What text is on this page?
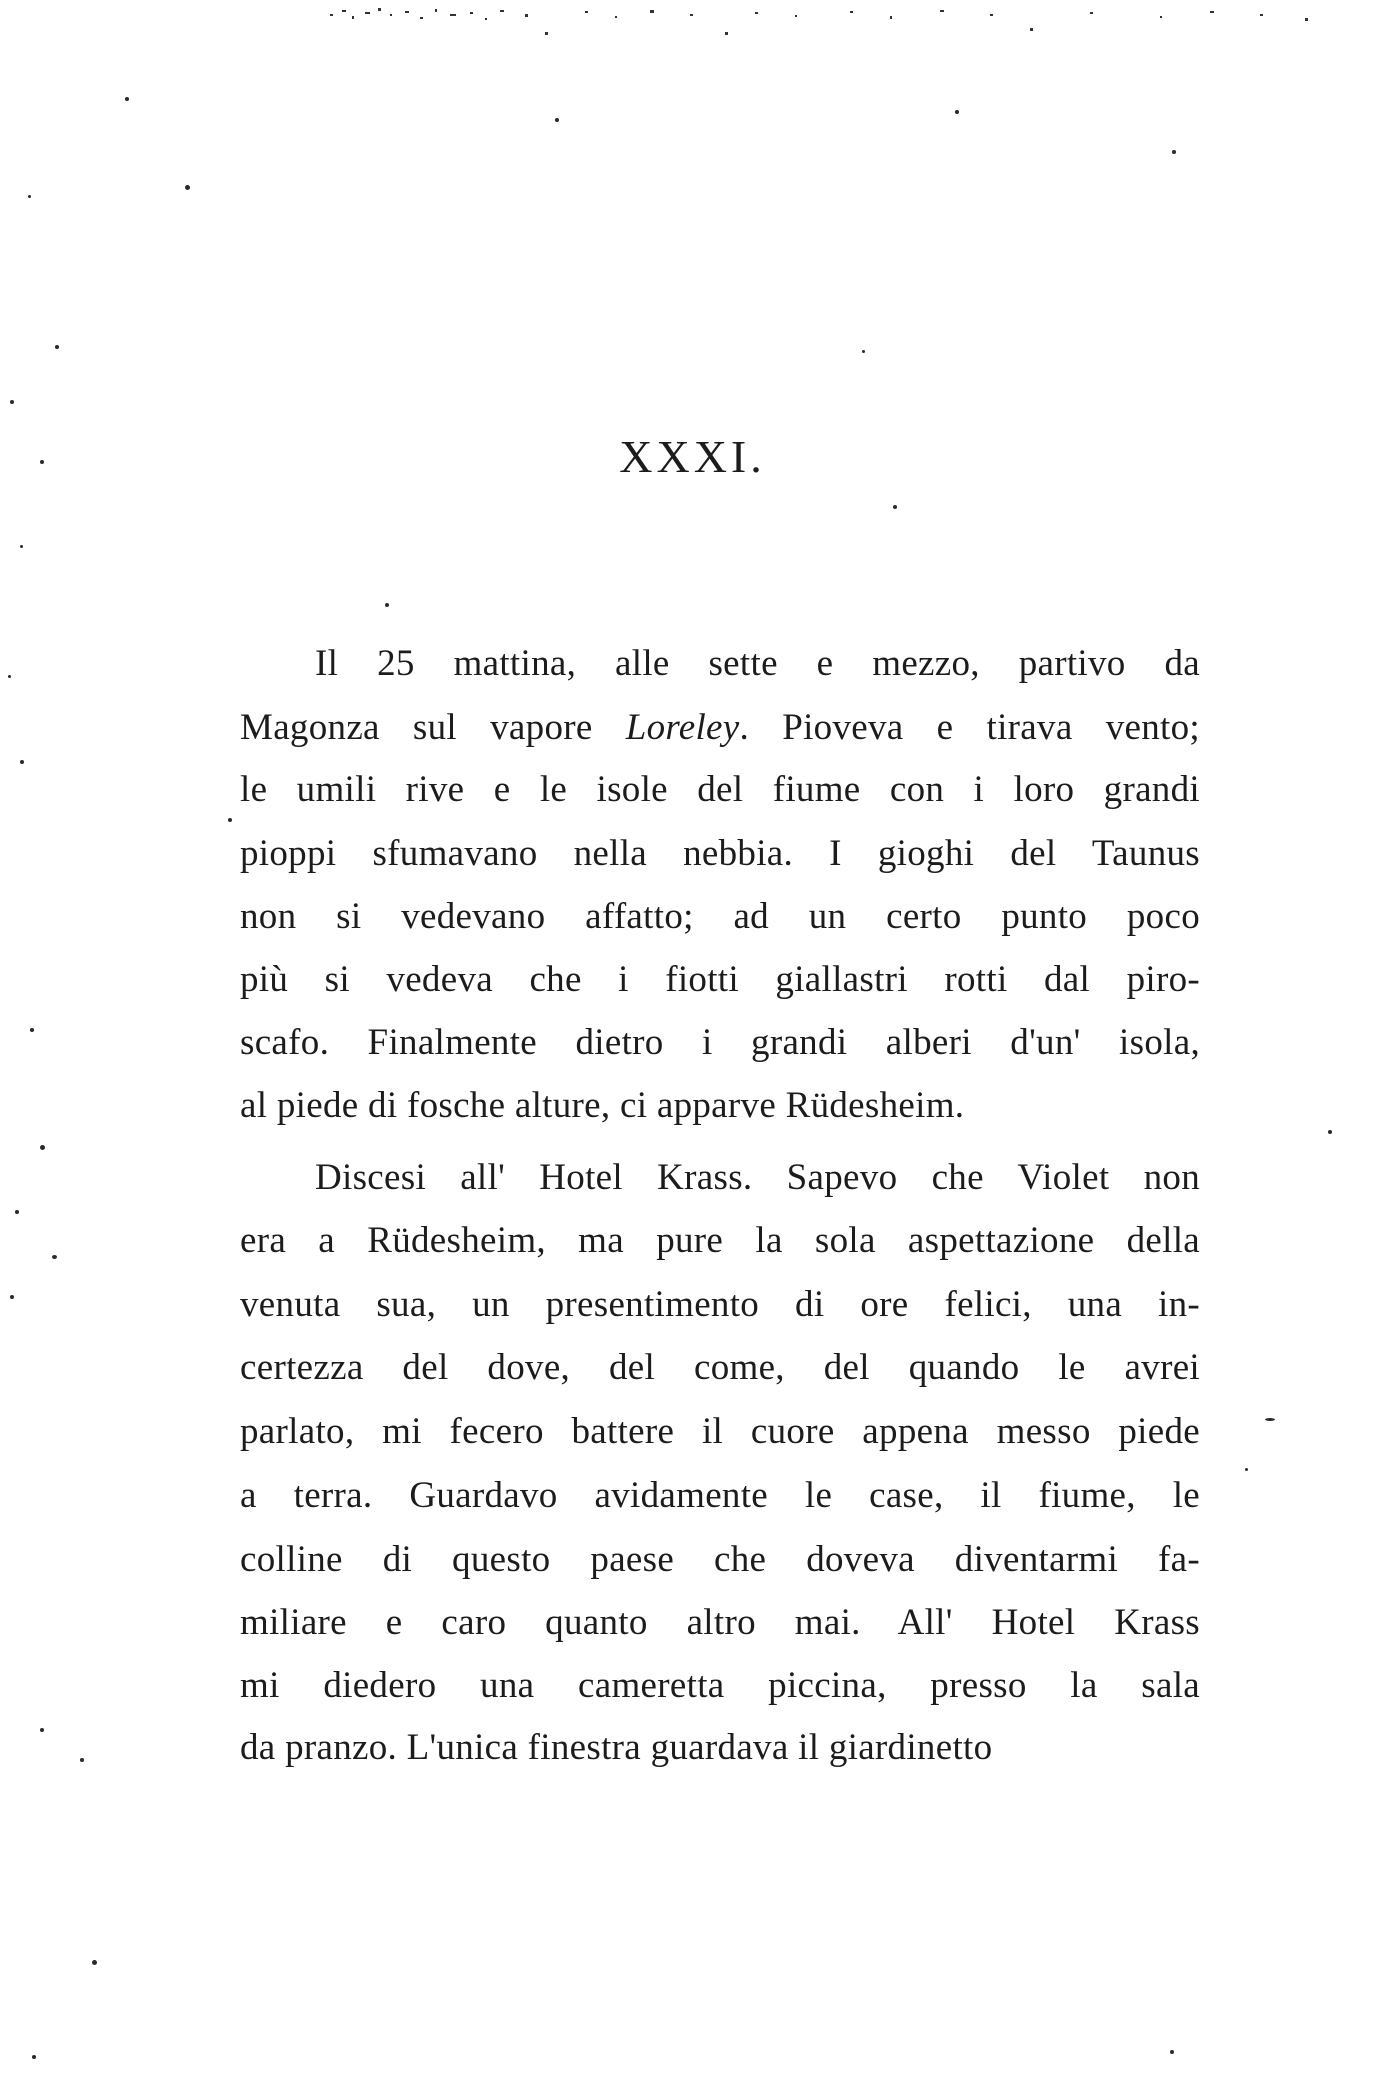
XXXI.
Il 25 mattina, alle sette e mezzo, partivo da
Magonza sul vapore Loreley. Pioveva e tirava vento;
le umili rive e le isole del fiume con i loro grandi
pioppi sfumavano nella nebbia. I gioghi del Taunus
non si vedevano affatto; ad un certo punto poco
più si vedeva che i fiotti giallastri rotti dal piro-
scafo. Finalmente dietro i grandi alberi d'un' isola,
al piede di fosche alture, ci apparve Rüdesheim.
Discesi all' Hotel Krass. Sapevo che Violet non
era a Rüdesheim, ma pure la sola aspettazione della
venuta sua, un presentimento di ore felici, una in-
certezza del dove, del come, del quando le avrei
parlato, mi fecero battere il cuore appena messo piede
a terra. Guardavo avidamente le case, il fiume, le
colline di questo paese che doveva diventarmi fa-
miliare e caro quanto altro mai. All' Hotel Krass
mi diedero una cameretta piccina, presso la sala
da pranzo. L'unica finestra guardava il giardinetto
